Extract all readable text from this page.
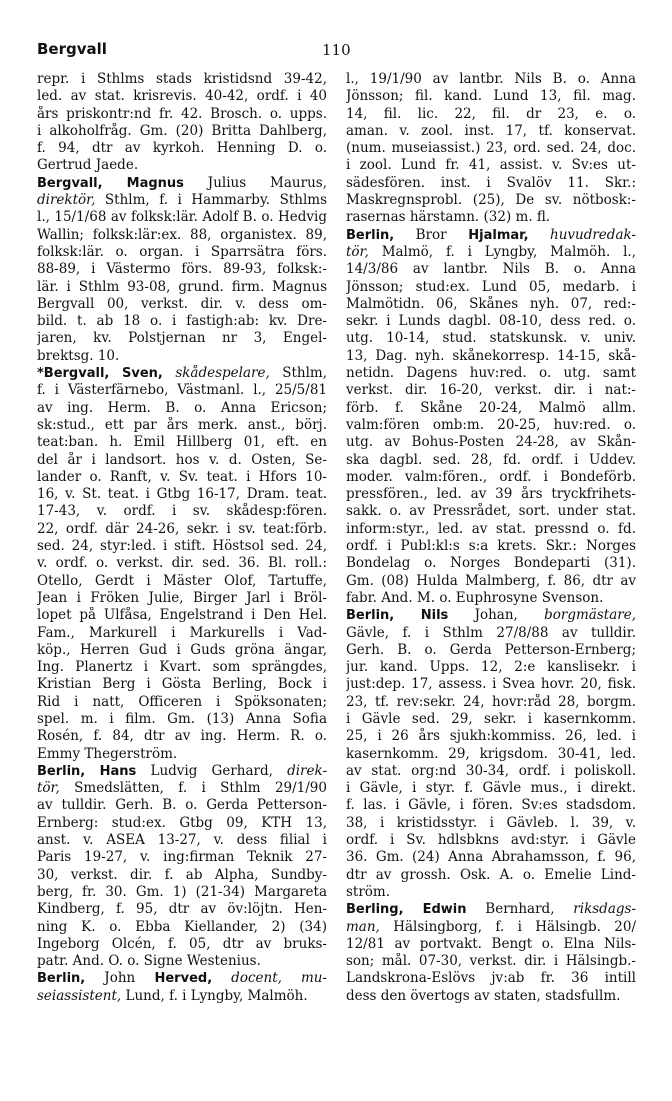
Bergvall	110
repr. i Sthlms stads kristidsnd 39-42,
led. av stat. krisrevis. 40-42, ordf. i 40
års priskontr:nd fr. 42. Brosch. o. upps.
i alkoholfråg. Gm. (20) Britta Dahlberg,
f. 94, dtr av kyrkoh. Henning D. o.
Gertrud Jaede.
Bergvall, Magnus Julius Maurus,
direktör, Sthlm, f. i Hammarby. Sthlms
l., 15/1/68 av folksk:lär. Adolf B. o. Hedvig
Wallin; folksk:lär:ex. 88, organistex. 89,
folksk:lär. o. organ. i Sparrsätra förs.
88-89, i Västermo förs. 89-93, folksk:-
lär. i Sthlm 93-08, grund. firm. Magnus
Bergvall 00, verkst. dir. v. dess om-
bild. t. ab 18 o. i fastigh:ab: kv. Dre-
jaren, kv. Polstjernan nr 3, Engel-
brektsg. 10.
*Bergvall, Sven, skådespelare, Sthlm,
f. i Västerfärnebo, Västmanl. l., 25/5/81
av ing. Herm. B. o. Anna Ericson;
sk:stud., ett par års merk. anst., börj.
teat:ban. h. Emil Hillberg 01, eft. en
del år i landsort. hos v. d. Osten, Se-
lander o. Ranft, v. Sv. teat. i Hfors 10-
16, v. St. teat. i Gtbg 16-17, Dram. teat.
17-43, v. ordf. i sv. skådesp:fören.
22, ordf. där 24-26, sekr. i sv. teat:förb.
sed. 24, styr:led. i stift. Höstsol sed. 24,
v. ordf. o. verkst. dir. sed. 36. Bl. roll.:
Otello, Gerdt i Mäster Olof, Tartuffe,
Jean i Fröken Julie, Birger Jarl i Bröl-
lopet på Ulfåsa, Engelstrand i Den Hel.
Fam., Markurell i Markurells i Vad-
köp., Herren Gud i Guds gröna ängar,
Ing. Planertz i Kvart. som sprängdes,
Kristian Berg i Gösta Berling, Bock i
Rid i natt, Officeren i Spöksonaten;
spel. m. i film. Gm. (13) Anna Sofia
Rosén, f. 84, dtr av ing. Herm. R. o.
Emmy Thegerström.
Berlin, Hans Ludvig Gerhard, direk-
tör, Smedslätten, f. i Sthlm 29/1/90
av tulldir. Gerh. B. o. Gerda Petterson-
Ernberg: stud:ex. Gtbg 09, KTH 13,
anst. v. ASEA 13-27, v. dess filial i
Paris 19-27, v. ing:firman Teknik 27-
30, verkst. dir. f. ab Alpha, Sundby-
berg, fr. 30. Gm. 1) (21-34) Margareta
Kindberg, f. 95, dtr av öv:löjtn. Hen-
ning K. o. Ebba Kiellander, 2) (34)
Ingeborg Olcén, f. 05, dtr av bruks-
patr. And. O. o. Signe Westenius.
Berlin, John Herved, docent, mu-
seiassistent, Lund, f. i Lyngby, Malmöh.
l., 19/1/90 av lantbr. Nils B. o. Anna
Jönsson; fil. kand. Lund 13, fil. mag.
14, fil. lic. 22, fil. dr 23, e. o.
aman. v. zool. inst. 17, tf. konservat.
(num. museiassist.) 23, ord. sed. 24, doc.
i zool. Lund fr. 41, assist. v. Sv:es ut-
sädesfören. inst. i Svalöv 11. Skr.:
Maskregnsprobl. (25), De sv. nötbosk:-
rasernas härstamn. (32) m. fl.
Berlin, Bror Hjalmar, huvudredak-
tör, Malmö, f. i Lyngby, Malmöh. l.,
14/3/86 av lantbr. Nils B. o. Anna
Jönsson; stud:ex. Lund 05, medarb. i
Malmötidn. 06, Skånes nyh. 07, red:-
sekr. i Lunds dagbl. 08-10, dess red. o.
utg. 10-14, stud. statskunsk. v. univ.
13, Dag. nyh. skånekorresp. 14-15, skå-
netidn. Dagens huv:red. o. utg. samt
verkst. dir. 16-20, verkst. dir. i nat:-
förb. f. Skåne 20-24, Malmö allm.
valm:fören omb:m. 20-25, huv:red. o.
utg. av Bohus-Posten 24-28, av Skån-
ska dagbl. sed. 28, fd. ordf. i Uddev.
moder. valm:fören., ordf. i Bondeförb.
pressfören., led. av 39 års tryckfrihets-
sakk. o. av Pressrådet, sort. under stat.
inform:styr., led. av stat. pressnd o. fd.
ordf. i Publ:kl:s s:a krets. Skr.: Norges
Bondelag o. Norges Bondeparti (31).
Gm. (08) Hulda Malmberg, f. 86, dtr av
fabr. And. M. o. Euphrosyne Svenson.
Berlin, Nils Johan, borgmästare,
Gävle, f. i Sthlm 27/8/88 av tulldir.
Gerh. B. o. Gerda Petterson-Ernberg;
jur. kand. Upps. 12, 2:e kanslisekr. i
just:dep. 17, assess. i Svea hovr. 20, fisk.
23, tf. rev:sekr. 24, hovr:råd 28, borgm.
i Gävle sed. 29, sekr. i kasernkomm.
25, i 26 års sjukh:kommiss. 26, led. i
kasernkomm. 29, krigsdom. 30-41, led.
av stat. org:nd 30-34, ordf. i poliskoll.
i Gävle, i styr. f. Gävle mus., i direkt.
f. las. i Gävle, i fören. Sv:es stadsdom.
38, i kristidsstyr. i Gävleb. l. 39, v.
ordf. i Sv. hdlsbkns avd:styr. i Gävle
36. Gm. (24) Anna Abrahamsson, f. 96,
dtr av grossh. Osk. A. o. Emelie Lind-
ström.
Berling, Edwin Bernhard, riksdags-
man, Hälsingborg, f. i Hälsingb. 20/
12/81 av portvakt. Bengt o. Elna Nils-
son; mål. 07-30, verkst. dir. i Hälsingb.-
Landskrona-Eslövs jv:ab fr. 36 intill
dess den övertogs av staten, stadsfullm.
